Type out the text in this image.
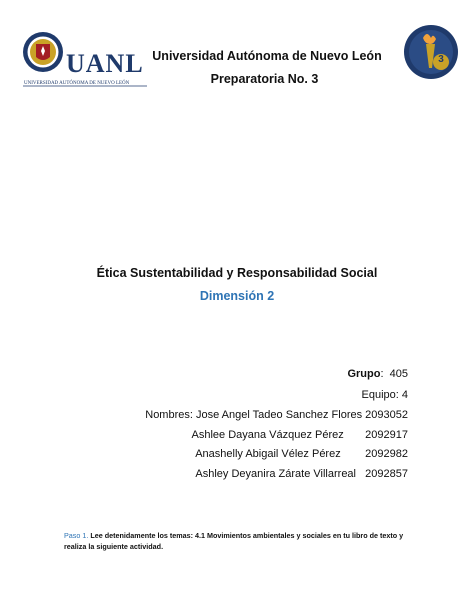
UANL
UNIVERSIDAD AUTÓNOMA DE NUEVO LEÓN
3
Universidad Autónoma de Nuevo León
Preparatoria No. 3
Ética Sustentabilidad y Responsabilidad Social
Dimensión 2
Grupo:  405
Equipo: 4
Nombres: Jose Angel Tadeo Sanchez Flores 2093052
Ashlee Dayana Vázquez Pérez       2092917
Anashelly Abigail Vélez Pérez        2092982
Ashley Deyanira Zárate Villarreal   2092857
Paso 1. Lee detenidamente los temas: 4.1 Movimientos ambientales y sociales en tu libro de texto y realiza la siguiente actividad.
